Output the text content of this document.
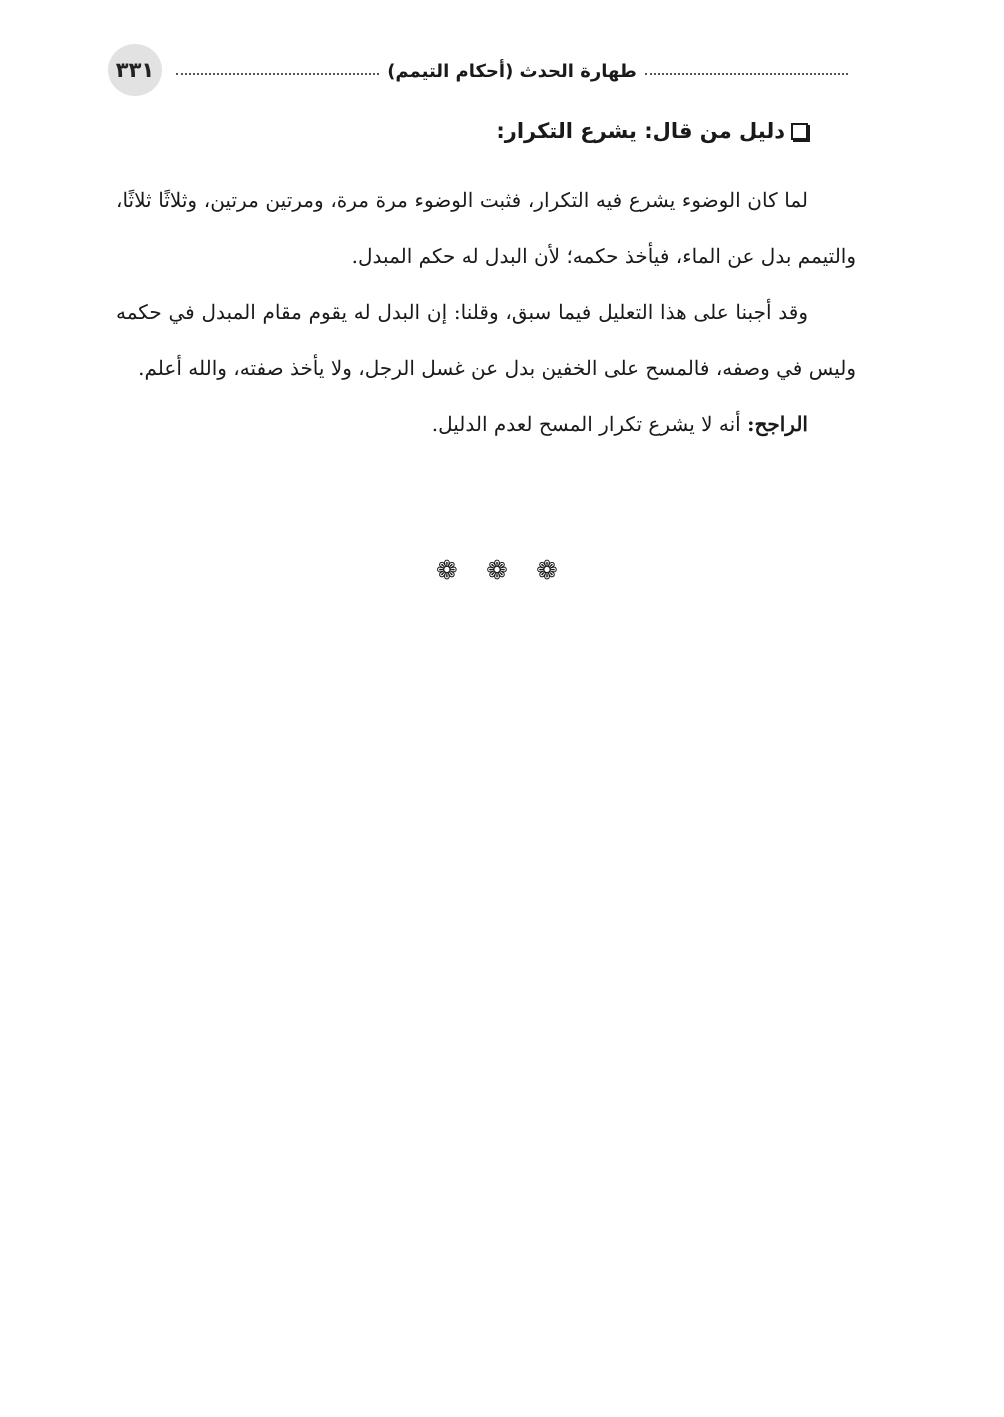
٣٣١	طهارة الحدث (أحكام التيمم)
دليل من قال: يشرع التكرار:

لما كان الوضوء يشرع فيه التكرار، فثبت الوضوء مرة مرة، ومرتين مرتين، وثلاثًا ثلاثًا، والتيمم بدل عن الماء، فيأخذ حكمه؛ لأن البدل له حكم المبدل.

وقد أجبنا على هذا التعليل فيما سبق، وقلنا: إن البدل له يقوم مقام المبدل في حكمه وليس في وصفه، فالمسح على الخفين بدل عن غسل الرجل، ولا يأخذ صفته، والله أعلم.

الراجح: أنه لا يشرع تكرار المسح لعدم الدليل.

❁ ❁ ❁
